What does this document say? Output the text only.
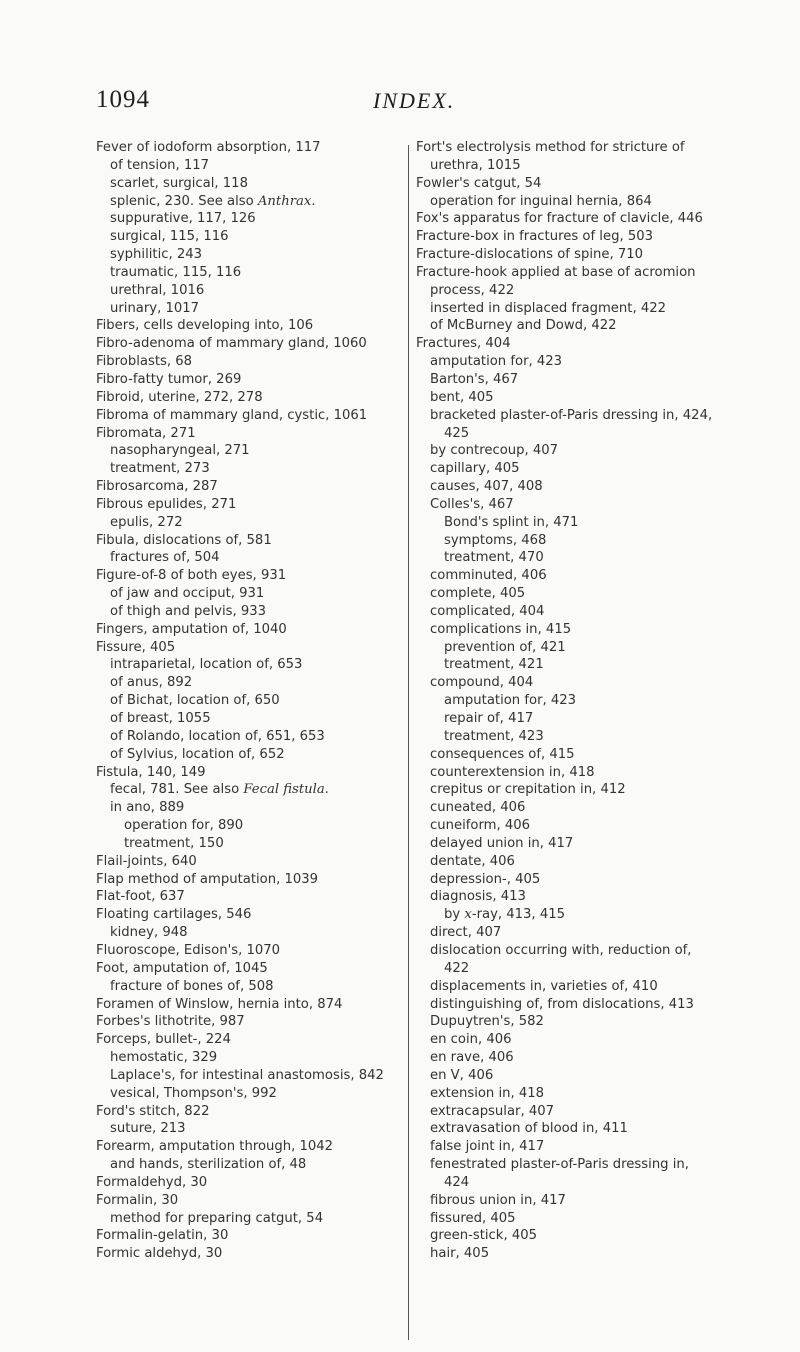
1094	INDEX.
Fever of iodoform absorption, 117
of tension, 117
scarlet, surgical, 118
splenic, 230. See also Anthrax.
suppurative, 117, 126
surgical, 115, 116
syphilitic, 243
traumatic, 115, 116
urethral, 1016
urinary, 1017
Fibers, cells developing into, 106
Fibro-adenoma of mammary gland, 1060
Fibroblasts, 68
Fibro-fatty tumor, 269
Fibroid, uterine, 272, 278
Fibroma of mammary gland, cystic, 1061
Fibromata, 271
nasopharyngeal, 271
treatment, 273
Fibrosarcoma, 287
Fibrous epulides, 271
epulis, 272
Fibula, dislocations of, 581
fractures of, 504
Figure-of-8 of both eyes, 931
of jaw and occiput, 931
of thigh and pelvis, 933
Fingers, amputation of, 1040
Fissure, 405
intraparietal, location of, 653
of anus, 892
of Bichat, location of, 650
of breast, 1055
of Rolando, location of, 651, 653
of Sylvius, location of, 652
Fistula, 140, 149
fecal, 781. See also Fecal fistula.
in ano, 889
operation for, 890
treatment, 150
Flail-joints, 640
Flap method of amputation, 1039
Flat-foot, 637
Floating cartilages, 546
kidney, 948
Fluoroscope, Edison's, 1070
Foot, amputation of, 1045
fracture of bones of, 508
Foramen of Winslow, hernia into, 874
Forbes's lithotrite, 987
Forceps, bullet-, 224
hemostatic, 329
Laplace's, for intestinal anastomosis, 842
vesical, Thompson's, 992
Ford's stitch, 822
suture, 213
Forearm, amputation through, 1042
and hands, sterilization of, 48
Formaldehyd, 30
Formalin, 30
method for preparing catgut, 54
Formalin-gelatin, 30
Formic aldehyd, 30
Fort's electrolysis method for stricture of urethra, 1015
Fowler's catgut, 54
operation for inguinal hernia, 864
Fox's apparatus for fracture of clavicle, 446
Fracture-box in fractures of leg, 503
Fracture-dislocations of spine, 710
Fracture-hook applied at base of acromion process, 422
inserted in displaced fragment, 422
of McBurney and Dowd, 422
Fractures, 404
amputation for, 423
Barton's, 467
bent, 405
bracketed plaster-of-Paris dressing in, 424, 425
by contrecoup, 407
capillary, 405
causes, 407, 408
Colles's, 467
Bond's splint in, 471
symptoms, 468
treatment, 470
comminuted, 406
complete, 405
complicated, 404
complications in, 415
prevention of, 421
treatment, 421
compound, 404
amputation for, 423
repair of, 417
treatment, 423
consequences of, 415
counterextension in, 418
crepitus or crepitation in, 412
cuneated, 406
cuneiform, 406
delayed union in, 417
dentate, 406
depression-, 405
diagnosis, 413
by x-ray, 413, 415
direct, 407
dislocation occurring with, reduction of, 422
displacements in, varieties of, 410
distinguishing of, from dislocations, 413
Dupuytren's, 582
en coin, 406
en rave, 406
en V, 406
extension in, 418
extracapsular, 407
extravasation of blood in, 411
false joint in, 417
fenestrated plaster-of-Paris dressing in, 424
fibrous union in, 417
fissured, 405
green-stick, 405
hair, 405
